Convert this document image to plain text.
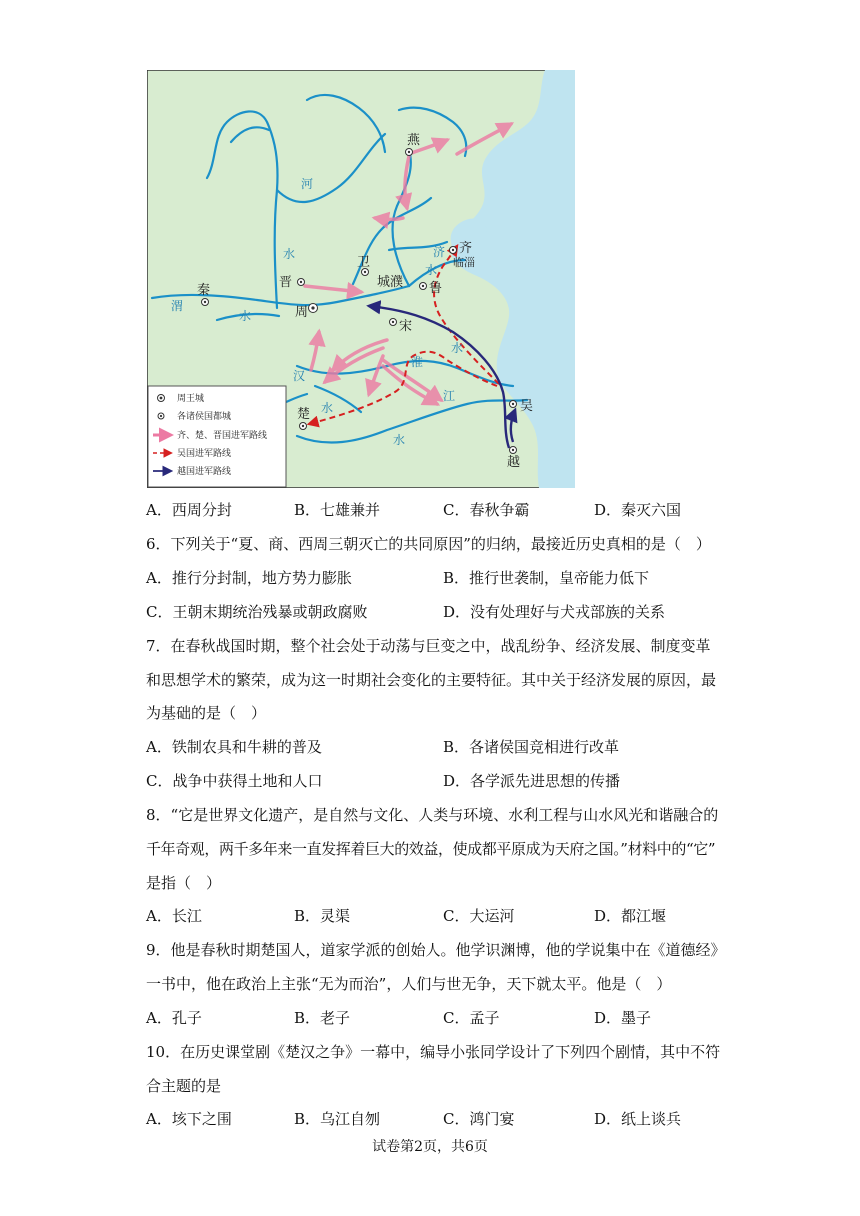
燕
齐
临淄
卫
晋	城濮 鲁
秦
周
宋
吴
楚
越
河
水	济
水
渭
水
淮
水
汉
江
水
水
周王城
各诸侯国都城
齐、楚、晋国进军路线
吴国进军路线
越国进军路线
A．西周分封	B．七雄兼并	C．春秋争霸	D．秦灭六国
6．下列关于“夏、商、西周三朝灭亡的共同原因”的归纳，最接近历史真相的是（　）
A．推行分封制，地方势力膨胀	B．推行世袭制，皇帝能力低下
C．王朝末期统治残暴或朝政腐败	D．没有处理好与犬戎部族的关系
7．在春秋战国时期，整个社会处于动荡与巨变之中，战乱纷争、经济发展、制度变革
和思想学术的繁荣，成为这一时期社会变化的主要特征。其中关于经济发展的原因，最
为基础的是（　）
A．铁制农具和牛耕的普及	B．各诸侯国竞相进行改革
C．战争中获得土地和人口	D．各学派先进思想的传播
8．“它是世界文化遗产，是自然与文化、人类与环境、水利工程与山水风光和谐融合的
千年奇观，两千多年来一直发挥着巨大的效益，使成都平原成为天府之国。”材料中的“它”
是指（　）
A．长江	B．灵渠	C．大运河	D．都江堰
9．他是春秋时期楚国人，道家学派的创始人。他学识渊博，他的学说集中在《道德经》
一书中，他在政治上主张“无为而治”，人们与世无争，天下就太平。他是（　）
A．孔子	B．老子	C．孟子	D．墨子
10．在历史课堂剧《楚汉之争》一幕中，编导小张同学设计了下列四个剧情，其中不符
合主题的是
A．垓下之围	B．乌江自刎	C．鸿门宴	D．纸上谈兵
试卷第2页，共6页
